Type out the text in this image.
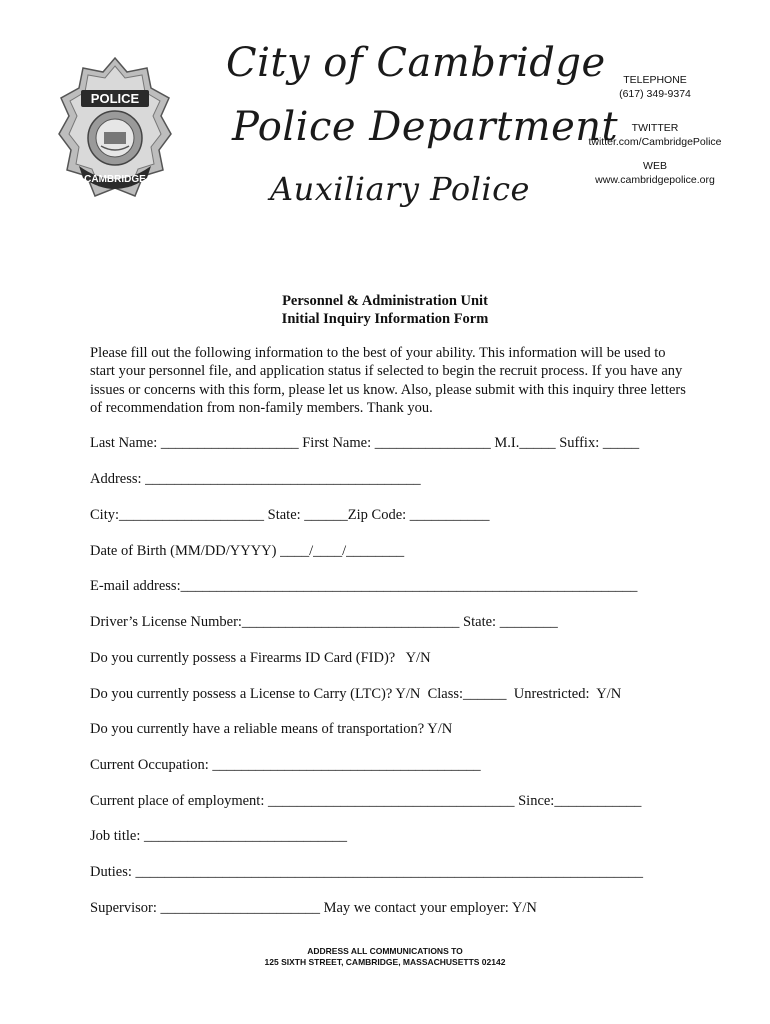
POLICE
CAMBRIDGE
City of Cambridge
Police Department
Auxiliary Police
TELEPHONE
(617) 349-9374
TWITTER
twitter.com/CambridgePolice
WEB
www.cambridgepolice.org
Personnel & Administration Unit
Initial Inquiry Information Form
Please fill out the following information to the best of your ability. This information will be used to start your personnel file, and application status if selected to begin the recruit process. If you have any issues or concerns with this form, please let us know. Also, please submit with this inquiry three letters of recommendation from non-family members. Thank you.
Last Name: ___________________ First Name: ________________ M.I._____ Suffix: _____
Address: ______________________________________
City:____________________ State: ______Zip Code: ___________
Date of Birth (MM/DD/YYYY) ____/____/________
E-mail address:_______________________________________________________________
Driver’s License Number:______________________________ State: ________
Do you currently possess a Firearms ID Card (FID)?   Y/N
Do you currently possess a License to Carry (LTC)? Y/N  Class:______  Unrestricted:  Y/N
Do you currently have a reliable means of transportation? Y/N
Current Occupation: _____________________________________
Current place of employment: __________________________________ Since:____________
Job title: ____________________________
Duties: ______________________________________________________________________
Supervisor: ______________________ May we contact your employer: Y/N
ADDRESS ALL COMMUNICATIONS TO
125 SIXTH STREET, CAMBRIDGE, MASSACHUSETTS 02142
